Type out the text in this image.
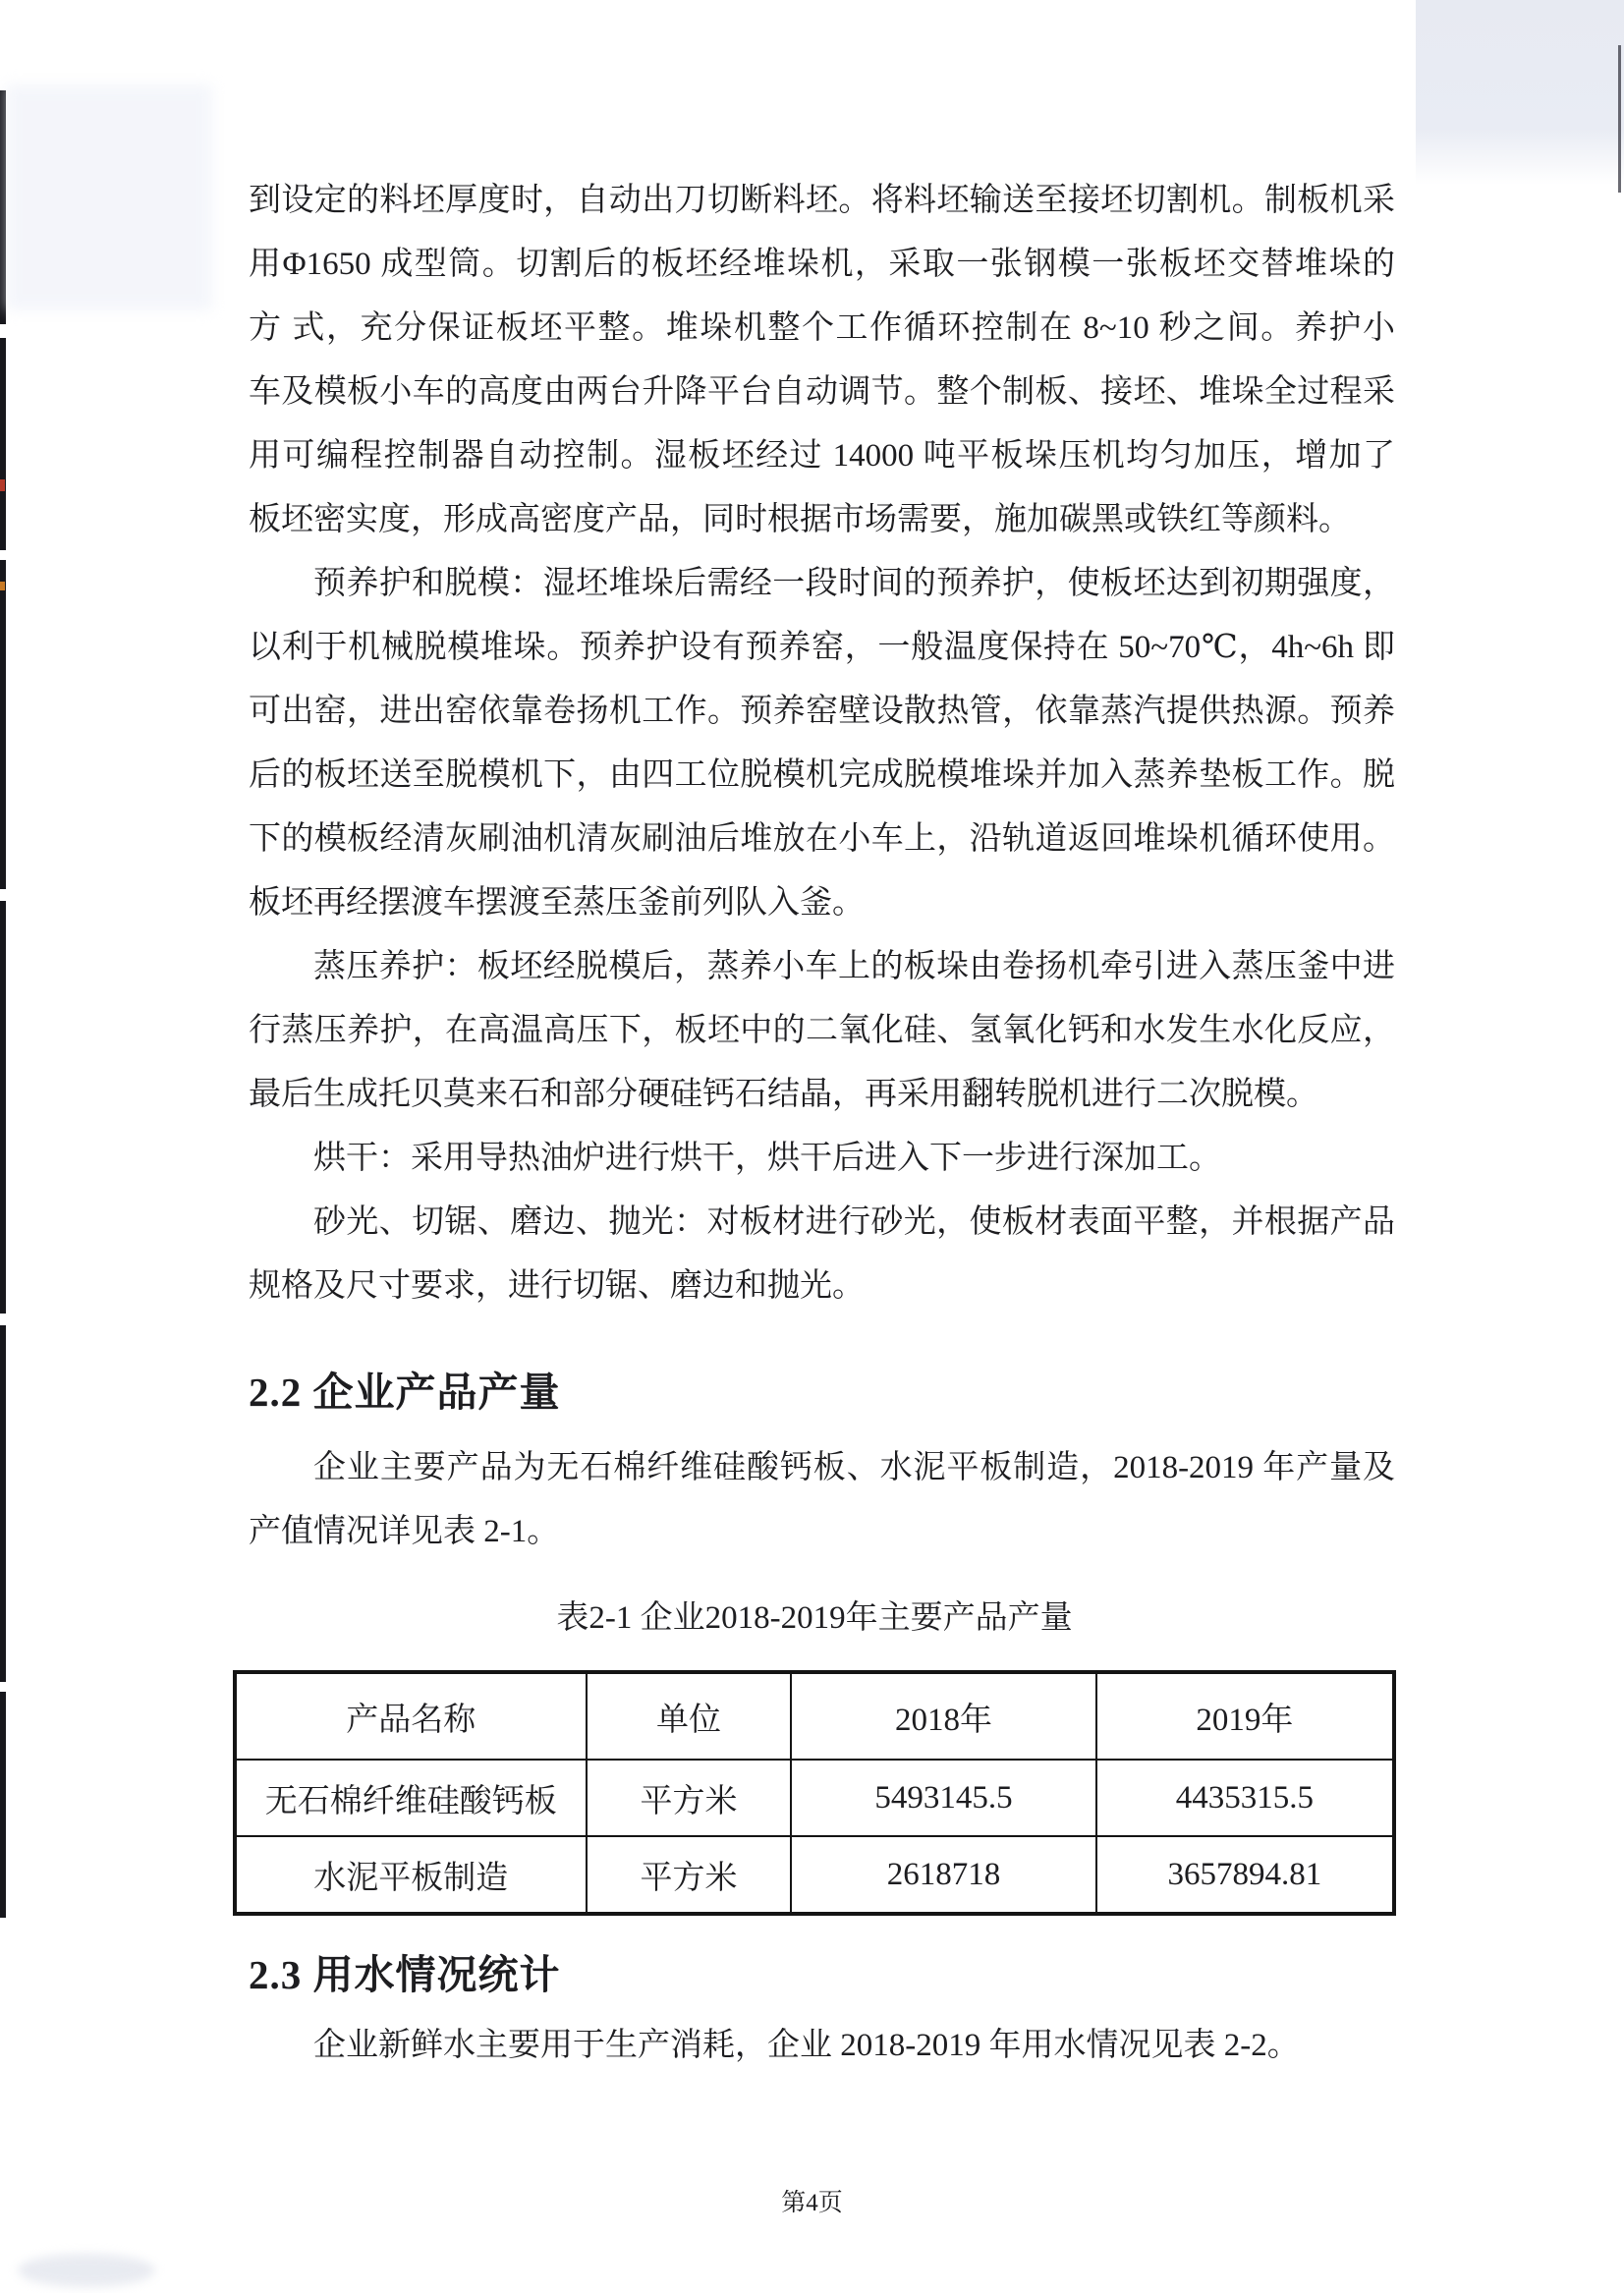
到设定的料坯厚度时，自动出刀切断料坯。将料坯输送至接坯切割机。制板机采
用Φ1650 成型筒。切割后的板坯经堆垛机，采取一张钢模一张板坯交替堆垛的
方 式，充分保证板坯平整。堆垛机整个工作循环控制在 8~10 秒之间。养护小
车及模板小车的高度由两台升降平台自动调节。整个制板、接坯、堆垛全过程采
用可编程控制器自动控制。湿板坯经过 14000 吨平板垛压机均匀加压，增加了
板坯密实度，形成高密度产品，同时根据市场需要，施加碳黑或铁红等颜料。
预养护和脱模：湿坯堆垛后需经一段时间的预养护，使板坯达到初期强度，
以利于机械脱模堆垛。预养护设有预养窑，一般温度保持在 50~70℃，4h~6h 即
可出窑，进出窑依靠卷扬机工作。预养窑壁设散热管，依靠蒸汽提供热源。预养
后的板坯送至脱模机下，由四工位脱模机完成脱模堆垛并加入蒸养垫板工作。脱
下的模板经清灰刷油机清灰刷油后堆放在小车上，沿轨道返回堆垛机循环使用。
板坯再经摆渡车摆渡至蒸压釜前列队入釜。
蒸压养护：板坯经脱模后，蒸养小车上的板垛由卷扬机牵引进入蒸压釜中进
行蒸压养护，在高温高压下，板坯中的二氧化硅、氢氧化钙和水发生水化反应，
最后生成托贝莫来石和部分硬硅钙石结晶，再采用翻转脱机进行二次脱模。
烘干：采用导热油炉进行烘干，烘干后进入下一步进行深加工。
砂光、切锯、磨边、抛光：对板材进行砂光，使板材表面平整，并根据产品
规格及尺寸要求，进行切锯、磨边和抛光。
2.2 企业产品产量
企业主要产品为无石棉纤维硅酸钙板、水泥平板制造，2018-2019 年产量及
产值情况详见表 2-1。
表2-1 企业2018-2019年主要产品产量
产品名称	单位	2018年	2019年
无石棉纤维硅酸钙板	平方米	5493145.5	4435315.5
水泥平板制造	平方米	2618718	3657894.81
2.3 用水情况统计
企业新鲜水主要用于生产消耗，企业 2018-2019 年用水情况见表 2-2。
第4页
